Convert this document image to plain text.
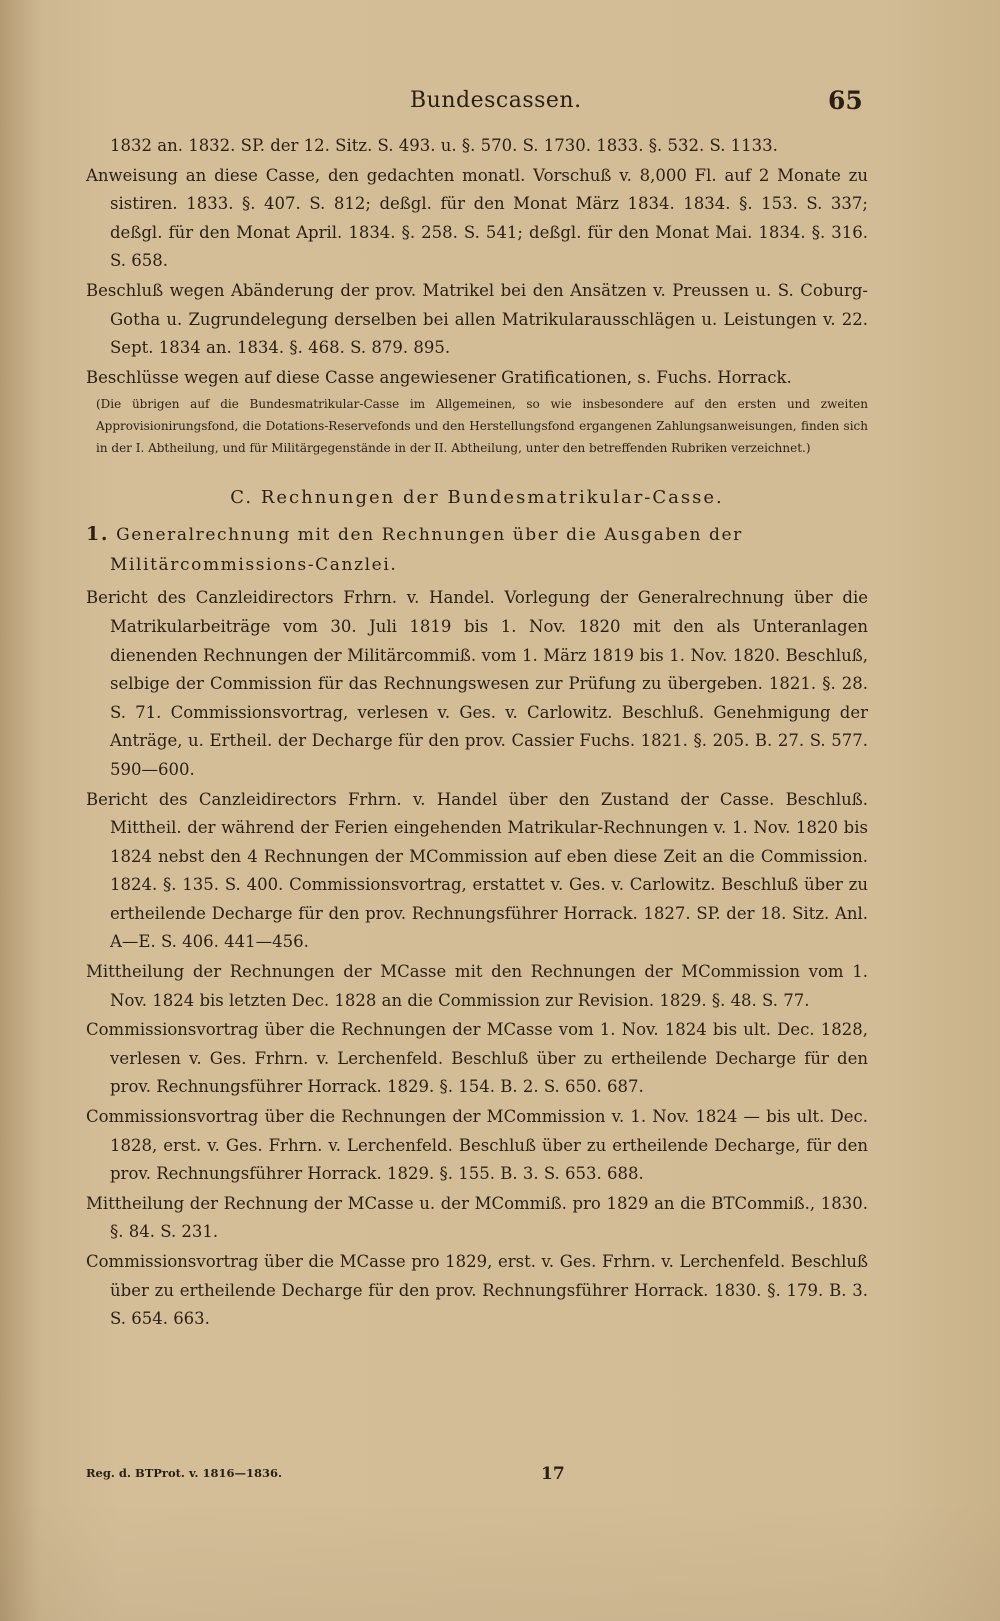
Bundescassen.	65

1832 an. 1832. SP. der 12. Sitz. S. 493. u. §. 570. S. 1730. 1833. §. 532. S. 1133.

Anweisung an diese Casse, den gedachten monatl. Vorschuß v. 8,000 Fl. auf 2 Monate zu sistiren. 1833. §. 407. S. 812; deßgl. für den Monat März 1834. 1834. §. 153. S. 337; deßgl. für den Monat April. 1834. §. 258. S. 541; deßgl. für den Monat Mai. 1834. §. 316. S. 658.

Beschluß wegen Abänderung der prov. Matrikel bei den Ansätzen v. Preussen u. S. Coburg-Gotha u. Zugrundelegung derselben bei allen Matrikularausschlägen u. Leistungen v. 22. Sept. 1834 an. 1834. §. 468. S. 879. 895.

Beschlüsse wegen auf diese Casse angewiesener Gratificationen, s. Fuchs. Horrack.

(Die übrigen auf die Bundesmatrikular-Casse im Allgemeinen, so wie insbesondere auf den ersten und zweiten Approvisionirungsfond, die Dotations-Reservefonds und den Herstellungsfond ergangenen Zahlungsanweisungen, finden sich in der I. Abtheilung, und für Militärgegenstände in der II. Abtheilung, unter den betreffenden Rubriken verzeichnet.)

C. Rechnungen der Bundesmatrikular-Casse.

1. Generalrechnung mit den Rechnungen über die Ausgaben der Militärcommissions-Canzlei.

Bericht des Canzleidirectors Frhrn. v. Handel. Vorlegung der Generalrechnung über die Matrikularbeiträge vom 30. Juli 1819 bis 1. Nov. 1820 mit den als Unteranlagen dienenden Rechnungen der Militärcommiß. vom 1. März 1819 bis 1. Nov. 1820. Beschluß, selbige der Commission für das Rechnungswesen zur Prüfung zu übergeben. 1821. §. 28. S. 71. Commissionsvortrag, verlesen v. Ges. v. Carlowitz. Beschluß. Genehmigung der Anträge, u. Ertheil. der Decharge für den prov. Cassier Fuchs. 1821. §. 205. B. 27. S. 577. 590—600.

Bericht des Canzleidirectors Frhrn. v. Handel über den Zustand der Casse. Beschluß. Mittheil. der während der Ferien eingehenden Matrikular-Rechnungen v. 1. Nov. 1820 bis 1824 nebst den 4 Rechnungen der MCommission auf eben diese Zeit an die Commission. 1824. §. 135. S. 400. Commissionsvortrag, erstattet v. Ges. v. Carlowitz. Beschluß über zu ertheilende Decharge für den prov. Rechnungsführer Horrack. 1827. SP. der 18. Sitz. Anl. A—E. S. 406. 441—456.

Mittheilung der Rechnungen der MCasse mit den Rechnungen der MCommission vom 1. Nov. 1824 bis letzten Dec. 1828 an die Commission zur Revision. 1829. §. 48. S. 77.

Commissionsvortrag über die Rechnungen der MCasse vom 1. Nov. 1824 bis ult. Dec. 1828, verlesen v. Ges. Frhrn. v. Lerchenfeld. Beschluß über zu ertheilende Decharge für den prov. Rechnungsführer Horrack. 1829. §. 154. B. 2. S. 650. 687.

Commissionsvortrag über die Rechnungen der MCommission v. 1. Nov. 1824 — bis ult. Dec. 1828, erst. v. Ges. Frhrn. v. Lerchenfeld. Beschluß über zu ertheilende Decharge, für den prov. Rechnungsführer Horrack. 1829. §. 155. B. 3. S. 653. 688.

Mittheilung der Rechnung der MCasse u. der MCommiß. pro 1829 an die BTCommiß., 1830. §. 84. S. 231.

Commissionsvortrag über die MCasse pro 1829, erst. v. Ges. Frhrn. v. Lerchenfeld. Beschluß über zu ertheilende Decharge für den prov. Rechnungsführer Horrack. 1830. §. 179. B. 3. S. 654. 663.

Reg. d. BTProt. v. 1816—1836.	17
